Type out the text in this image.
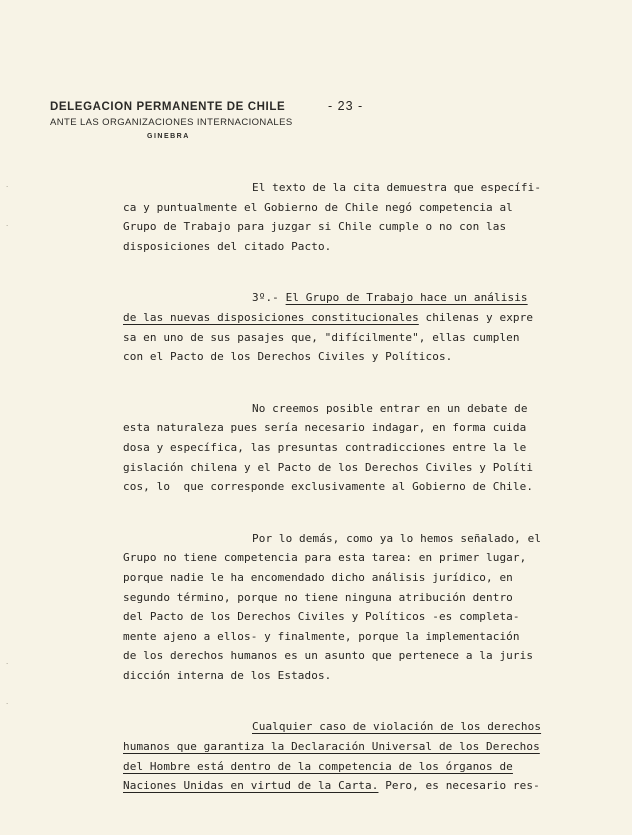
DELEGACION PERMANENTE DE CHILE
ANTE LAS ORGANIZACIONES INTERNACIONALES
GINEBRA
- 23 -
El texto de la cita demuestra que específi-
ca y puntualmente el Gobierno de Chile negó competencia al
Grupo de Trabajo para juzgar si Chile cumple o no con las
disposiciones del citado Pacto.
3º.- El Grupo de Trabajo hace un análisis
de las nuevas disposiciones constitucionales chilenas y expre
sa en uno de sus pasajes que, "difícilmente", ellas cumplen
con el Pacto de los Derechos Civiles y Políticos.
No creemos posible entrar en un debate de
esta naturaleza pues sería necesario indagar, en forma cuida
dosa y específica, las presuntas contradicciones entre la le
gislación chilena y el Pacto de los Derechos Civiles y Políti
cos, lo  que corresponde exclusivamente al Gobierno de Chile.
Por lo demás, como ya lo hemos señalado, el
Grupo no tiene competencia para esta tarea: en primer lugar,
porque nadie le ha encomendado dicho análisis jurídico, en
segundo término, porque no tiene ninguna atribución dentro
del Pacto de los Derechos Civiles y Políticos -es completa-
mente ajeno a ellos- y finalmente, porque la implementación
de los derechos humanos es un asunto que pertenece a la juris
dicción interna de los Estados.
Cualquier caso de violación de los derechos
humanos que garantiza la Declaración Universal de los Derechos
del Hombre está dentro de la competencia de los órganos de
Naciones Unidas en virtud de la Carta. Pero, es necesario res-
·
·
·
·
